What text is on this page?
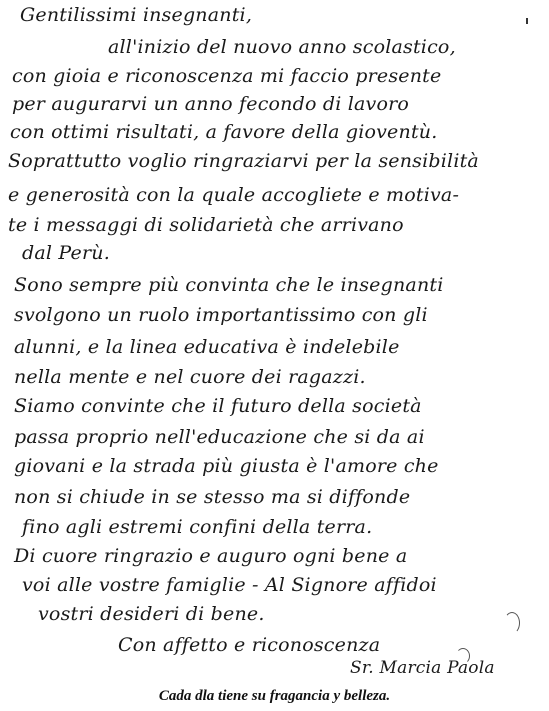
Gentilissimi insegnanti,
all'inizio del nuovo anno scolastico,
con gioia e riconoscenza mi faccio presente
per augurarvi un anno fecondo di lavoro
con ottimi risultati, a favore della gioventù.
Soprattutto voglio ringraziarvi per la sensibilità
e generosità con la quale accogliete e motiva-
te i messaggi di solidarietà che arrivano
dal Perù.
Sono sempre più convinta che le insegnanti
svolgono un ruolo importantissimo con gli
alunni, e la linea educativa è indelebile
nella mente e nel cuore dei ragazzi.
Siamo convinte che il futuro della società
passa proprio nell'educazione che si da ai
giovani e la strada più giusta è l'amore che
non si chiude in se stesso ma si diffonde
fino agli estremi confini della terra.
Di cuore ringrazio e auguro ogni bene a
voi alle vostre famiglie - Al Signore affidoi
vostri desideri di bene.
Con affetto e riconoscenza
Sr. Marcia Paola
Cada dla tiene su fragancia y belleza.
